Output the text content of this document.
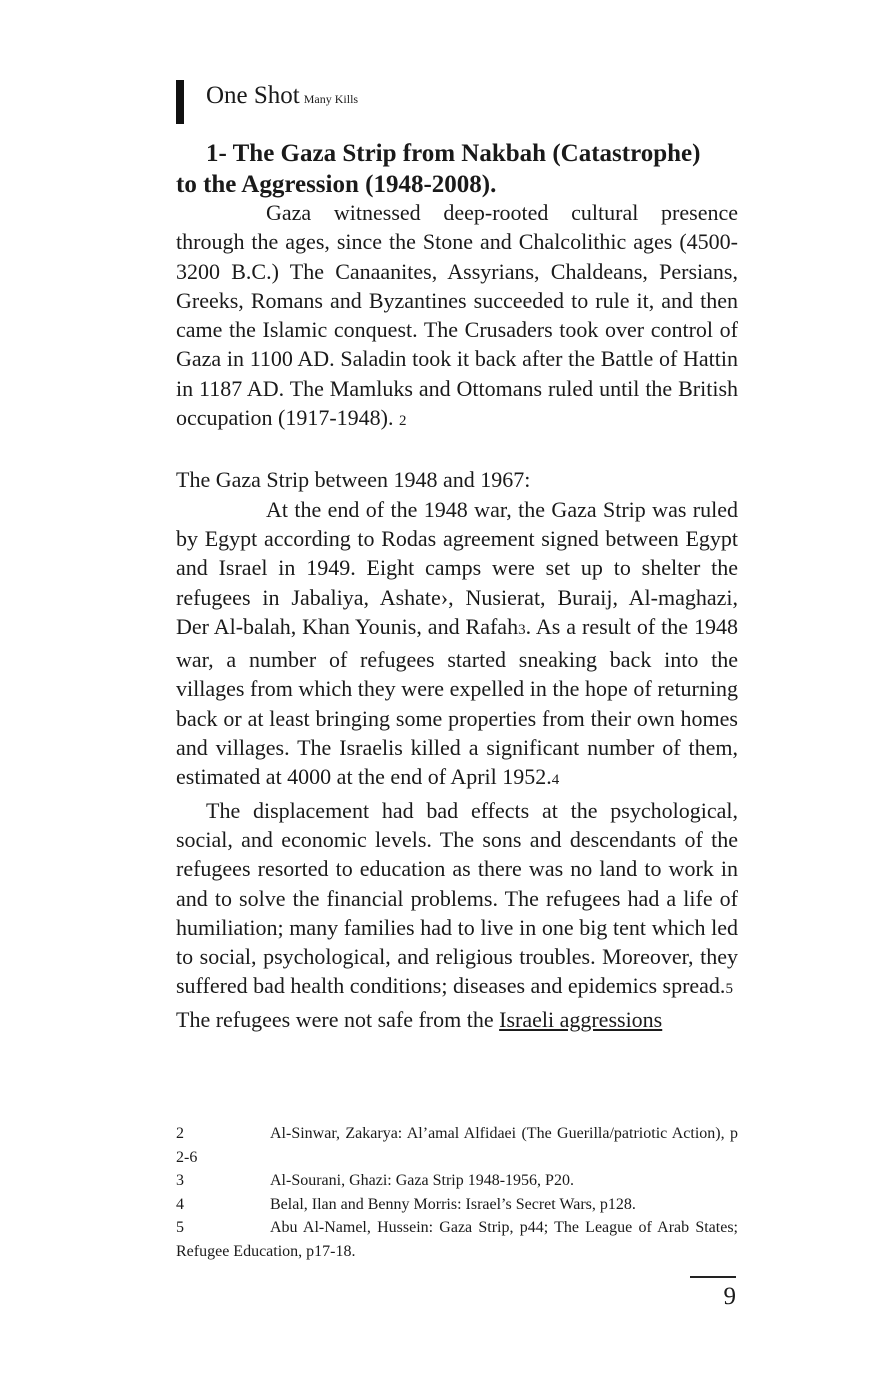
One Shot Many Kills
1- The Gaza Strip from Nakbah (Catastrophe)
to the Aggression (1948-2008).

Gaza witnessed deep-rooted cultural presence through the ages, since the Stone and Chalcolithic ages (4500-3200 B.C.) The Canaanites, Assyrians, Chaldeans, Persians, Greeks, Romans and Byzantines succeeded to rule it, and then came the Islamic conquest. The Crusaders took over control of Gaza in 1100 AD. Saladin took it back after the Battle of Hattin in 1187 AD. The Mamluks and Ottomans ruled until the British occupation (1917-1948). 2

The Gaza Strip between 1948 and 1967:

At the end of the 1948 war, the Gaza Strip was ruled by Egypt according to Rodas agreement signed between Egypt and Israel in 1949. Eight camps were set up to shelter the refugees in Jabaliya, Ashate›, Nusierat, Buraij, Al-maghazi, Der Al-balah, Khan Younis, and Rafah3. As a result of the 1948 war, a number of refugees started sneaking back into the villages from which they were expelled in the hope of returning back or at least bringing some properties from their own homes and villages. The Israelis killed a significant number of them, estimated at 4000 at the end of April 1952.4

The displacement had bad effects at the psychological, social, and economic levels. The sons and descendants of the refugees resorted to education as there was no land to work in and to solve the financial problems. The refugees had a life of humiliation; many families had to live in one big tent which led to social, psychological, and religious troubles. Moreover, they suffered bad health conditions; diseases and epidemics spread.5

The refugees were not safe from the Israeli aggressions

2	Al-Sinwar, Zakarya: Al’amal Alfidaei (The Guerilla/patriotic Action), p 2-6

3	Al-Sourani, Ghazi: Gaza Strip 1948-1956, P20.

4	Belal, Ilan and Benny Morris: Israel’s Secret Wars, p128.

5	Abu Al-Namel, Hussein: Gaza Strip, p44; The League of Arab States; Refugee Education, p17-18.

9
